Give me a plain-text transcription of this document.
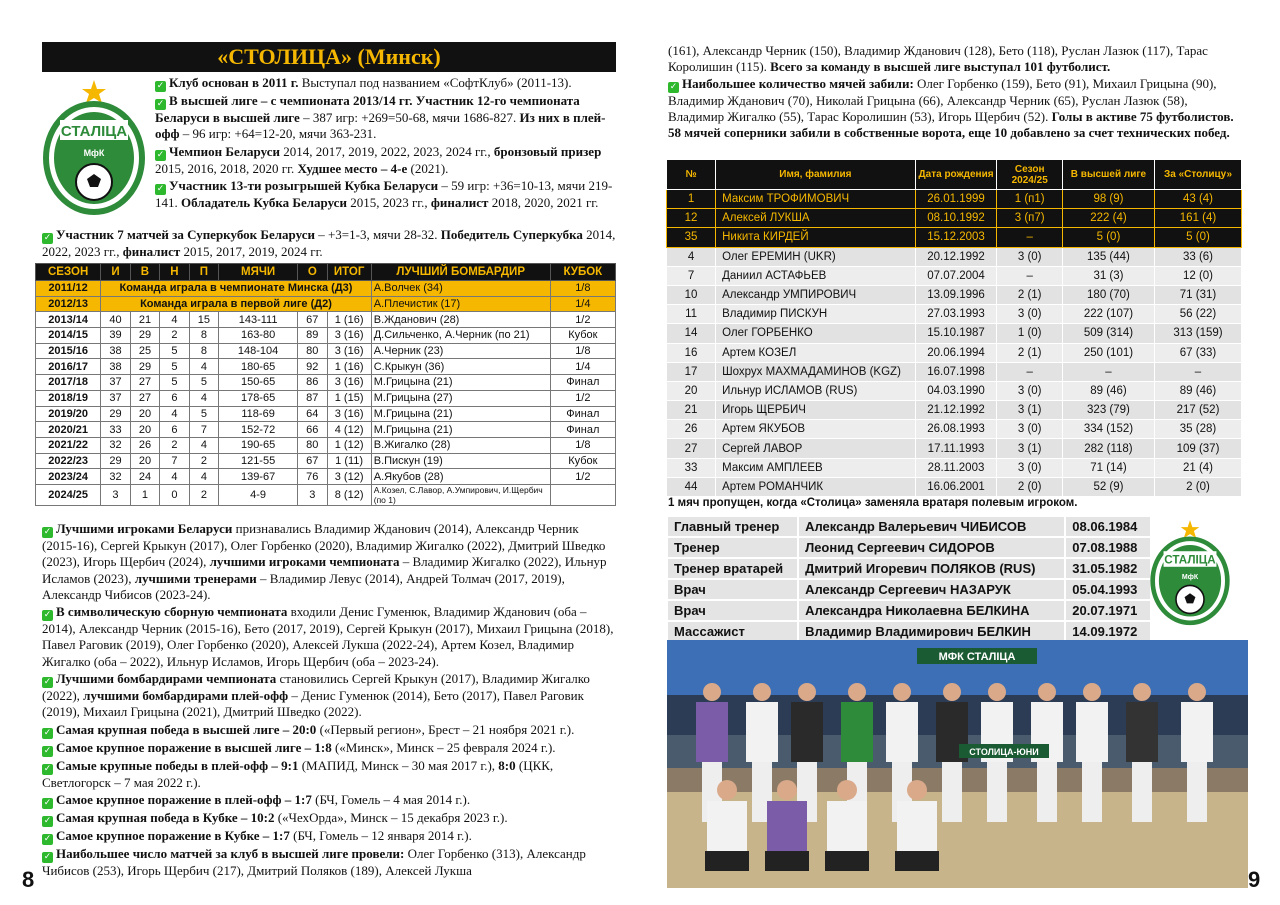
«СТОЛИЦА» (Минск)
СТАЛІЦА
МфК
✓ Клуб основан в 2011 г. Выступал под названием «СофтКлуб» (2011-13).
✓ В высшей лиге – с чемпионата 2013/14 гг. Участник 12-го чемпионата Беларуси в высшей лиге – 387 игр: +269=50-68, мячи 1686-827. Из них в плей-офф – 96 игр: +64=12-20, мячи 363-231.
✓ Чемпион Беларуси 2014, 2017, 2019, 2022, 2023, 2024 гг., бронзовый призер 2015, 2016, 2018, 2020 гг. Худшее место – 4-е (2021).
✓ Участник 13-ти розыгрышей Кубка Беларуси – 59 игр: +36=10-13, мячи 219-141. Обладатель Кубка Беларуси 2015, 2023 гг., финалист 2018, 2020, 2021 гг.
✓ Участник 7 матчей за Суперкубок Беларуси – +3=1-3, мячи 28-32. Победитель Суперкубка 2014, 2022, 2023 гг., финалист 2015, 2017, 2019, 2024 гг.
СЕЗОН	И	В	Н	П	МЯЧИ	О	ИТОГ	ЛУЧШИЙ БОМБАРДИР	КУБОК
2011/12	Команда играла в чемпионате Минска (Д3)							А.Волчек (34)	1/8
2012/13	Команда играла в первой лиге (Д2)							А.Плечистик (17)	1/4
2013/14	40	21	4	15	143-111	67	1 (16)	В.Жданович (28)	1/2
2014/15	39	29	2	8	163-80	89	3 (16)	Д.Сильченко, А.Черник (по 21)	Кубок
2015/16	38	25	5	8	148-104	80	3 (16)	А.Черник (23)	1/8
2016/17	38	29	5	4	180-65	92	1 (16)	С.Крыкун (36)	1/4
2017/18	37	27	5	5	150-65	86	3 (16)	М.Грицына (21)	Финал
2018/19	37	27	6	4	178-65	87	1 (15)	М.Грицына (27)	1/2
2019/20	29	20	4	5	118-69	64	3 (16)	М.Грицына (21)	Финал
2020/21	33	20	6	7	152-72	66	4 (12)	М.Грицына (21)	Финал
2021/22	32	26	2	4	190-65	80	1 (12)	В.Жигалко (28)	1/8
2022/23	29	20	7	2	121-55	67	1 (11)	В.Пискун (19)	Кубок
2023/24	32	24	4	4	139-67	76	3 (12)	А.Якубов (28)	1/2
2024/25	3	1	0	2	4-9	3	8 (12)	А.Козел, С.Лавор, А.Умпирович, И.Щербич (по 1)	
✓ Лучшими игроками Беларуси признавались Владимир Жданович (2014), Александр Черник (2015-16), Сергей Крыкун (2017), Олег Горбенко (2020), Владимир Жигалко (2022), Дмитрий Шведко (2023), Игорь Щербич (2024), лучшими игроками чемпионата – Владимир Жигалко (2022), Ильнур Исламов (2023), лучшими тренерами – Владимир Левус (2014), Андрей Толмач (2017, 2019), Александр Чибисов (2023-24).
✓ В символическую сборную чемпионата входили Денис Гуменюк, Владимир Жданович (оба – 2014), Александр Черник (2015-16), Бето (2017, 2019), Сергей Крыкун (2017), Михаил Грицына (2018), Павел Раговик (2019), Олег Горбенко (2020), Алексей Лукша (2022-24), Артем Козел, Владимир Жигалко (оба – 2022), Ильнур Исламов, Игорь Щербич (оба – 2023-24).
✓ Лучшими бомбардирами чемпионата становились Сергей Крыкун (2017), Владимир Жигалко (2022), лучшими бомбардирами плей-офф – Денис Гуменюк (2014), Бето (2017), Павел Раговик (2019), Михаил Грицына (2021), Дмитрий Шведко (2022).
✓ Самая крупная победа в высшей лиге – 20:0 («Первый регион», Брест – 21 ноября 2021 г.).
✓ Самое крупное поражение в высшей лиге – 1:8 («Минск», Минск – 25 февраля 2024 г.).
✓ Самые крупные победы в плей-офф – 9:1 (МАПИД, Минск – 30 мая 2017 г.), 8:0 (ЦКК, Светлогорск – 7 мая 2022 г.).
✓ Самое крупное поражение в плей-офф – 1:7 (БЧ, Гомель – 4 мая 2014 г.).
✓ Самая крупная победа в Кубке – 10:2 («ЧехОрда», Минск – 15 декабря 2023 г.).
✓ Самое крупное поражение в Кубке – 1:7 (БЧ, Гомель – 12 января 2014 г.).
✓ Наибольшее число матчей за клуб в высшей лиге провели: Олег Горбенко (313), Александр Чибисов (253), Игорь Щербич (217), Дмитрий Поляков (189), Алексей Лукша
8
(161), Александр Черник (150), Владимир Жданович (128), Бето (118), Руслан Лазюк (117), Тарас Королишин (115). Всего за команду в высшей лиге выступал 101 футболист.
✓ Наибольшее количество мячей забили: Олег Горбенко (159), Бето (91), Михаил Грицына (90), Владимир Жданович (70), Николай Грицына (66), Александр Черник (65), Руслан Лазюк (58), Владимир Жигалко (55), Тарас Королишин (53), Игорь Щербич (52). Голы в активе 75 футболистов. 58 мячей соперники забили в собственные ворота, еще 10 добавлено за счет технических побед.
№	Имя, фамилия	Дата рождения	Сезон 2024/25	В высшей лиге	За «Столицу»
1	Максим ТРОФИМОВИЧ	26.01.1999	1 (п1)	98 (9)	43 (4)
12	Алексей ЛУКША	08.10.1992	3 (п7)	222 (4)	161 (4)
35	Никита КИРДЕЙ	15.12.2003	–	5 (0)	5 (0)
4	Олег ЕРЕМИН (UKR)	20.12.1992	3 (0)	135 (44)	33 (6)
7	Даниил АСТАФЬЕВ	07.07.2004	–	31 (3)	12 (0)
10	Александр УМПИРОВИЧ	13.09.1996	2 (1)	180 (70)	71 (31)
11	Владимир ПИСКУН	27.03.1993	3 (0)	222 (107)	56 (22)
14	Олег ГОРБЕНКО	15.10.1987	1 (0)	509 (314)	313 (159)
16	Артем КОЗЕЛ	20.06.1994	2 (1)	250 (101)	67 (33)
17	Шохрух МАХМАДАМИНОВ (KGZ)	16.07.1998	–	–	–
20	Ильнур ИСЛАМОВ (RUS)	04.03.1990	3 (0)	89 (46)	89 (46)
21	Игорь ЩЕРБИЧ	21.12.1992	3 (1)	323 (79)	217 (52)
26	Артем ЯКУБОВ	26.08.1993	3 (0)	334 (152)	35 (28)
27	Сергей ЛАВОР	17.11.1993	3 (1)	282 (118)	109 (37)
33	Максим АМПЛЕЕВ	28.11.2003	3 (0)	71 (14)	21 (4)
44	Артем РОМАНЧИК	16.06.2001	2 (0)	52 (9)	2 (0)
1 мяч пропущен, когда «Столица» заменяла вратаря полевым игроком.
Главный тренер	Александр Валерьевич ЧИБИСОВ	08.06.1984
Тренер	Леонид Сергеевич СИДОРОВ	07.08.1988
Тренер вратарей	Дмитрий Игоревич ПОЛЯКОВ (RUS)	31.05.1982
Врач	Александр Сергеевич НАЗАРУК	05.04.1993
Врач	Александра Николаевна БЕЛКИНА	20.07.1971
Массажист	Владимир Владимирович БЕЛКИН	14.09.1972
СТАЛІЦА
МфК
МФК СТАЛІЦА
СТОЛИЦА-ЮНИ
9
